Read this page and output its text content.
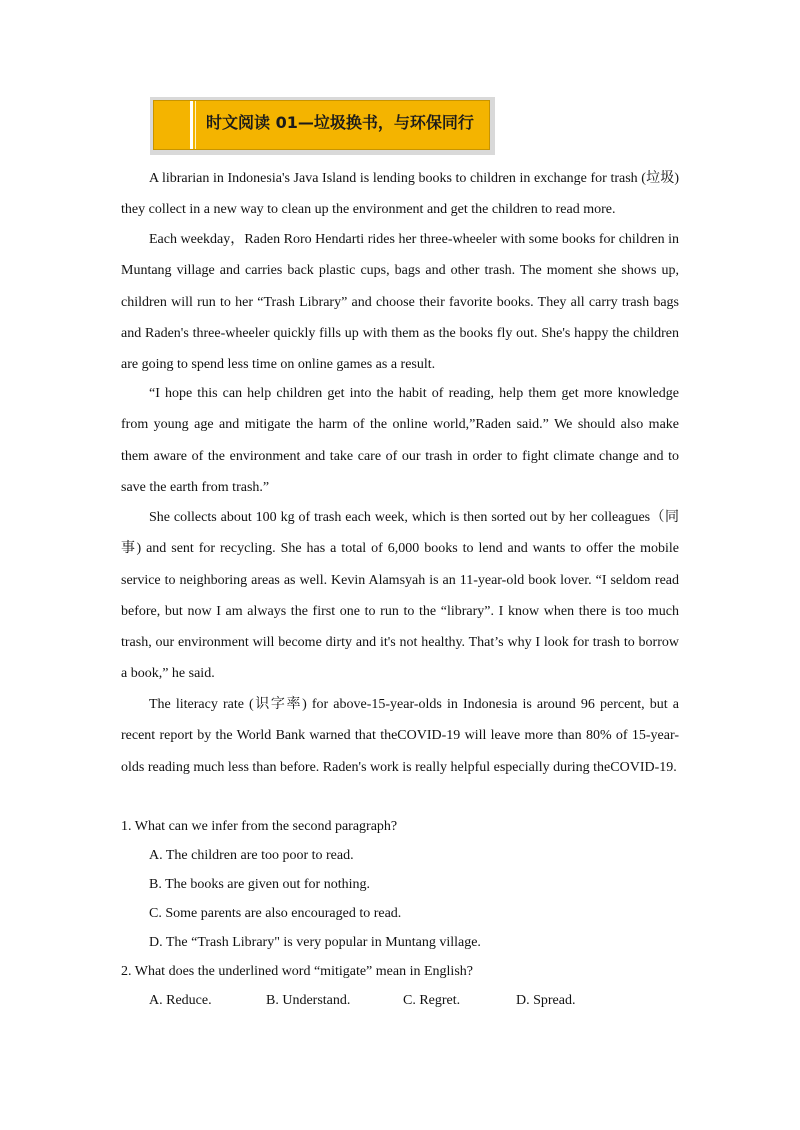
时文阅读 01—垃圾换书，与环保同行

A librarian in Indonesia's Java Island is lending books to children in exchange for trash (垃圾) they collect in a new way to clean up the environment and get the children to read more.

Each weekday，Raden Roro Hendarti rides her three-wheeler with some books for children in Muntang village and carries back plastic cups, bags and other trash. The moment she shows up, children will run to her “Trash Library” and choose their favorite books. They all carry trash bags and Raden's three-wheeler quickly fills up with them as the books fly out. She's happy the children are going to spend less time on online games as a result.

“I hope this can help children get into the habit of reading, help them get more knowledge from young age and mitigate the harm of the online world,”Raden said.” We should also make them aware of the environment and take care of our trash in order to fight climate change and to save the earth from trash.”

She collects about 100 kg of trash each week, which is then sorted out by her colleagues（同事) and sent for recycling. She has a total of 6,000 books to lend and wants to offer the mobile service to neighboring areas as well. Kevin Alamsyah is an 11-year-old book lover. “I seldom read before, but now I am always the first one to run to the “library”. I know when there is too much trash, our environment will become dirty and it's not healthy. That’s why I look for trash to borrow a book,” he said.

The literacy rate (识字率) for above-15-year-olds in Indonesia is around 96 percent, but a recent report by the World Bank warned that theCOVID-19 will leave more than 80% of 15-year-olds reading much less than before. Raden's work is really helpful especially during theCOVID-19.

1. What can we infer from the second paragraph?
A. The children are too poor to read.
B. The books are given out for nothing.
C. Some parents are also encouraged to read.
D. The “Trash Library" is very popular in Muntang village.
2. What does the underlined word “mitigate” mean in English?
A. Reduce.	B. Understand.	C. Regret.	D. Spread.
